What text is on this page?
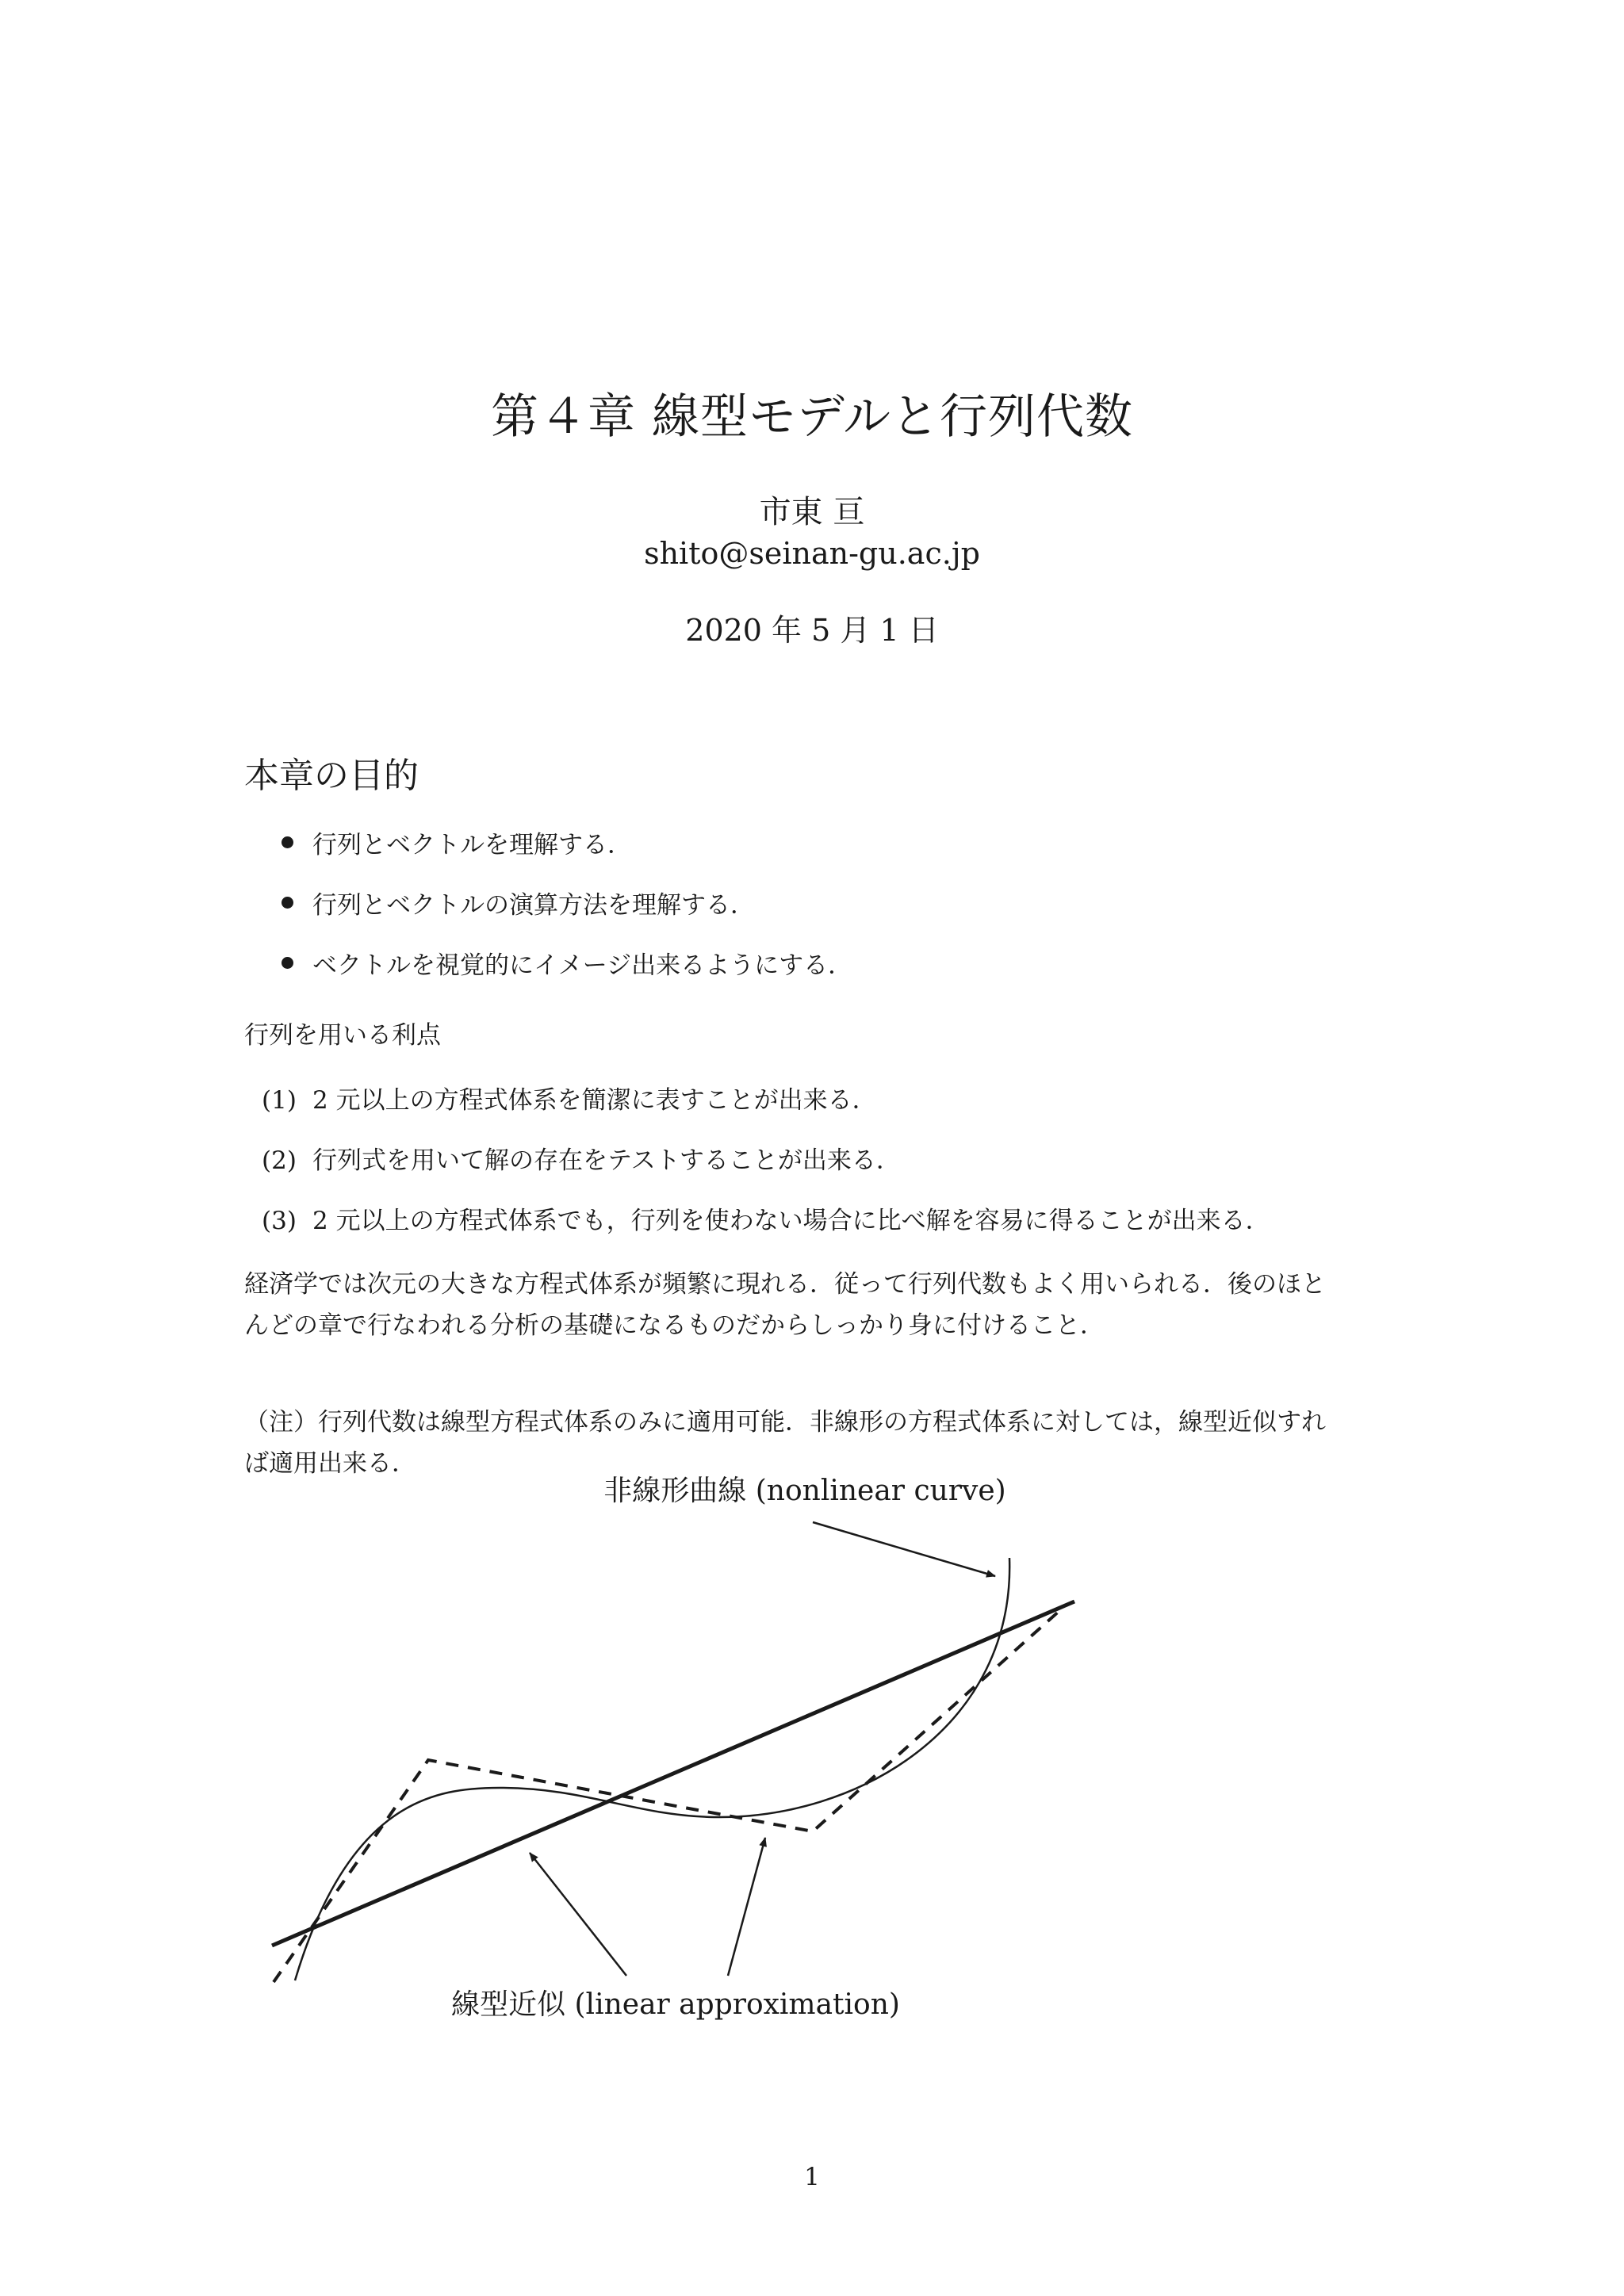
第４章 線型モデルと行列代数
市東 亘
shito@seinan-gu.ac.jp
2020 年 5 月 1 日
本章の目的
行列とベクトルを理解する．
行列とベクトルの演算方法を理解する．
ベクトルを視覚的にイメージ出来るようにする．
行列を用いる利点
(1) 2 元以上の方程式体系を簡潔に表すことが出来る．
(2) 行列式を用いて解の存在をテストすることが出来る．
(3) 2 元以上の方程式体系でも，行列を使わない場合に比べ解を容易に得ることが出来る．
経済学では次元の大きな方程式体系が頻繁に現れる．従って行列代数もよく用いられる．後のほと
んどの章で行なわれる分析の基礎になるものだからしっかり身に付けること．
（注）行列代数は線型方程式体系のみに適用可能．非線形の方程式体系に対しては，線型近似すれ
ば適用出来る．
非線形曲線 (nonlinear curve)
線型近似 (linear approximation)
1
